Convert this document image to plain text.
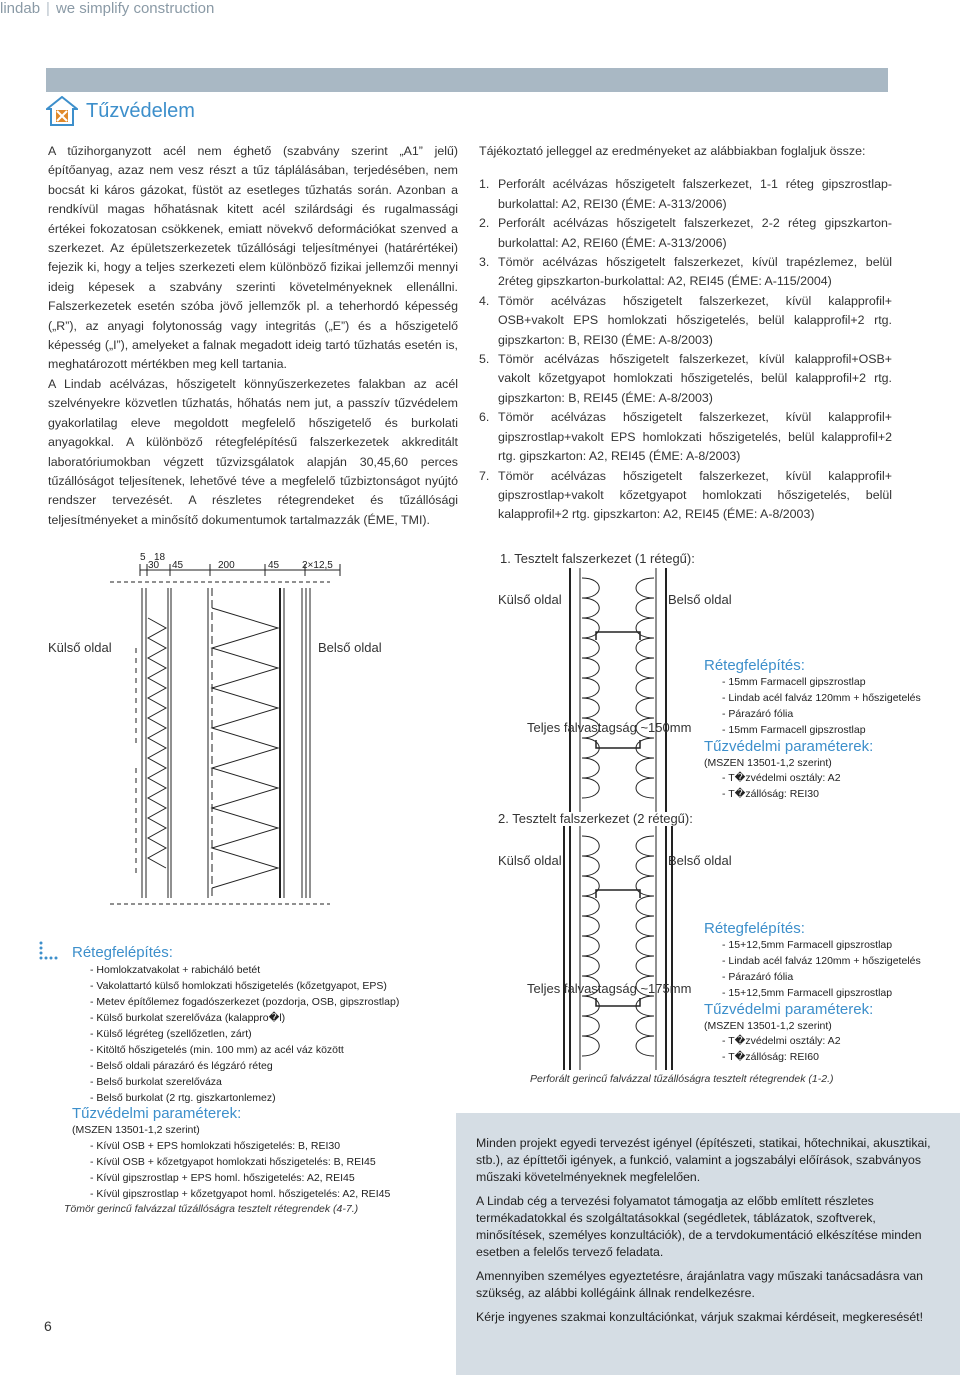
lindab | we simplify construction
Tűzvédelem

A tűzihorganyzott acél nem éghető (szabvány szerint „A1” jelű) építőanyag, azaz nem vesz részt a tűz táplálásában, terjedésében, nem bocsát ki káros gázokat, füstöt az esetleges tűzhatás során. Azonban a rendkívül magas hőhatásnak kitett acél szilárdsági és rugalmassági értékei fokozatosan csökkenek, emiatt növekvő deformációkat szenved a szerkezet. Az épületszerkezetek tűzállósági teljesítményei (határértékei) fejezik ki, hogy a teljes szerkezeti elem különböző fizikai jellemzői mennyi ideig képesek a szabvány szerinti követelményeknek ellenállni. Falszerkezetek esetén szóba jövő jellemzők pl. a teherhordó képesség („R”), az anyagi folytonosság vagy integritás („E”) és a hőszigetelő képesség („I”), amelyeket a falnak megadott ideig tartó tűzhatás esetén is, meghatározott mértékben meg kell tartania.

A Lindab acélvázas, hőszigetelt könnyűszerkezetes falakban az acél szelvényekre közvetlen tűzhatás, hőhatás nem jut, a passzív tűzvédelem gyakorlatilag eleve megoldott megfelelő hőszigetelő és burkolati anyagokkal. A különböző rétegfelépítésű falszerkezetek akkreditált laboratóriumokban végzett tűzvizsgálatok alapján 30,45,60 perces tűzállóságot teljesítenek, lehetővé téve a megfelelő tűzbiztonságot nyújtó rendszer tervezését. A részletes rétegrendeket és tűzállósági teljesítményeket a minősítő dokumentumok tartalmazzák (ÉME, TMI).

Tájékoztató jelleggel az eredményeket az alábbiakban foglaljuk össze:

1. Perforált acélvázas hőszigetelt falszerkezet, 1-1 réteg gipszrostlap-burkolattal: A2, REI30 (ÉME: A-313/2006)
2. Perforált acélvázas hőszigetelt falszerkezet, 2-2 réteg gipszkarton-burkolattal: A2, REI60 (ÉME: A-313/2006)
3. Tömör acélvázas hőszigetelt falszerkezet, kívül trapézlemez, belül 2réteg gipszkarton-burkolattal: A2, REI45 (ÉME: A-115/2004)
4. Tömör acélvázas hőszigetelt falszerkezet, kívül kalapprofil+ OSB+vakolt EPS homlokzati hőszigetelés, belül kalapprofil+2 rtg. gipszkarton: B, REI30 (ÉME: A-8/2003)
5. Tömör acélvázas hőszigetelt falszerkezet, kívül kalapprofil+OSB+ vakolt kőzetgyapot homlokzati hőszigetelés, belül kalapprofil+2 rtg. gipszkarton: B, REI45 (ÉME: A-8/2003)
6. Tömör acélvázas hőszigetelt falszerkezet, kívül kalapprofil+ gipszrostlap+vakolt EPS homlokzati hőszigetelés, belül kalapprofil+2 rtg. gipszkarton: A2, REI45 (ÉME: A-8/2003)
7. Tömör acélvázas hőszigetelt falszerkezet, kívül kalapprofil+ gipszrostlap+vakolt kőzetgyapot homlokzati hőszigetelés, belül kalapprofil+2 rtg. gipszkarton: A2, REI45 (ÉME: A-8/2003)
5 18
30 45	200	45 2×12,5
Külső oldal	Belső oldal
Rétegfelépítés:
- Homlokzatvakolat + rabicháló betét
- Vakolattartó külső homlokzati hőszigetelés (kőzetgyapot, EPS)
- Metev építőlemez fogadószerkezet (pozdorja, OSB, gipszrostlap)
- Külső burkolat szerelőváza (kalappro�l)
- Külső légréteg (szellőzetlen, zárt)
- Kitöltő hőszigetelés (min. 100 mm) az acél váz között
- Belső oldali párazáró és légzáró réteg
- Belső burkolat szerelőváza
- Belső burkolat (2 rtg. giszkartonlemez)
Tűzvédelmi paraméterek:
(MSZEN 13501-1,2 szerint)
- Kívül OSB + EPS homlokzati hőszigetelés: B, REI30
- Kívül OSB + kőzetgyapot homlokzati hőszigetelés: B, REI45
- Kívül gipszrostlap + EPS homl. hőszigetelés: A2, REI45
- Kívül gipszrostlap + kőzetgyapot homl. hőszigetelés: A2, REI45
Tömör gerincű falvázzal tűzállóságra tesztelt rétegrendek (4-7.)
1. Tesztelt falszerkezet (1 rétegű):
Külső oldal	Belső oldal
Teljes falvastagság ~150mm
Rétegfelépítés:
- 15mm Farmacell gipszrostlap
- Lindab acél falváz 120mm + hőszigetelés
- Párazáró fólia
- 15mm Farmacell gipszrostlap
Tűzvédelmi paraméterek:
(MSZEN 13501-1,2 szerint)
- T�zvédelmi osztály: A2
- T�zállóság: REI30
2. Tesztelt falszerkezet (2 rétegű):
Külső oldal	Belső oldal
Teljes falvastagság ~175mm
Rétegfelépítés:
- 15+12,5mm Farmacell gipszrostlap
- Lindab acél falváz 120mm + hőszigetelés
- Párazáró fólia
- 15+12,5mm Farmacell gipszrostlap
Tűzvédelmi paraméterek:
(MSZEN 13501-1,2 szerint)
- T�zvédelmi osztály: A2
- T�zállóság: REI60
Perforált gerincű falvázzal tűzállóságra tesztelt rétegrendek (1-2.)

Minden projekt egyedi tervezést igényel (építészeti, statikai, hőtechnikai, akusztikai, stb.), az építtetői igények, a funkció, valamint a jogszabályi előírások, szabványos műszaki követelményeknek megfelelően.

A Lindab cég a tervezési folyamatot támogatja az előbb említett részletes termékadatokkal és szolgáltatásokkal (segédletek, táblázatok, szoftverek, minősítések, személyes konzultációk), de a tervdokumentáció elkészítése minden esetben a felelős tervező feladata.

Amennyiben személyes egyeztetésre, árajánlatra vagy műszaki tanácsadásra van szükség, az alábbi kollégáink állnak rendelkezésre.

Kérje ingyenes szakmai konzultációnkat, várjuk szakmai kérdéseit, megkeresését!

6
